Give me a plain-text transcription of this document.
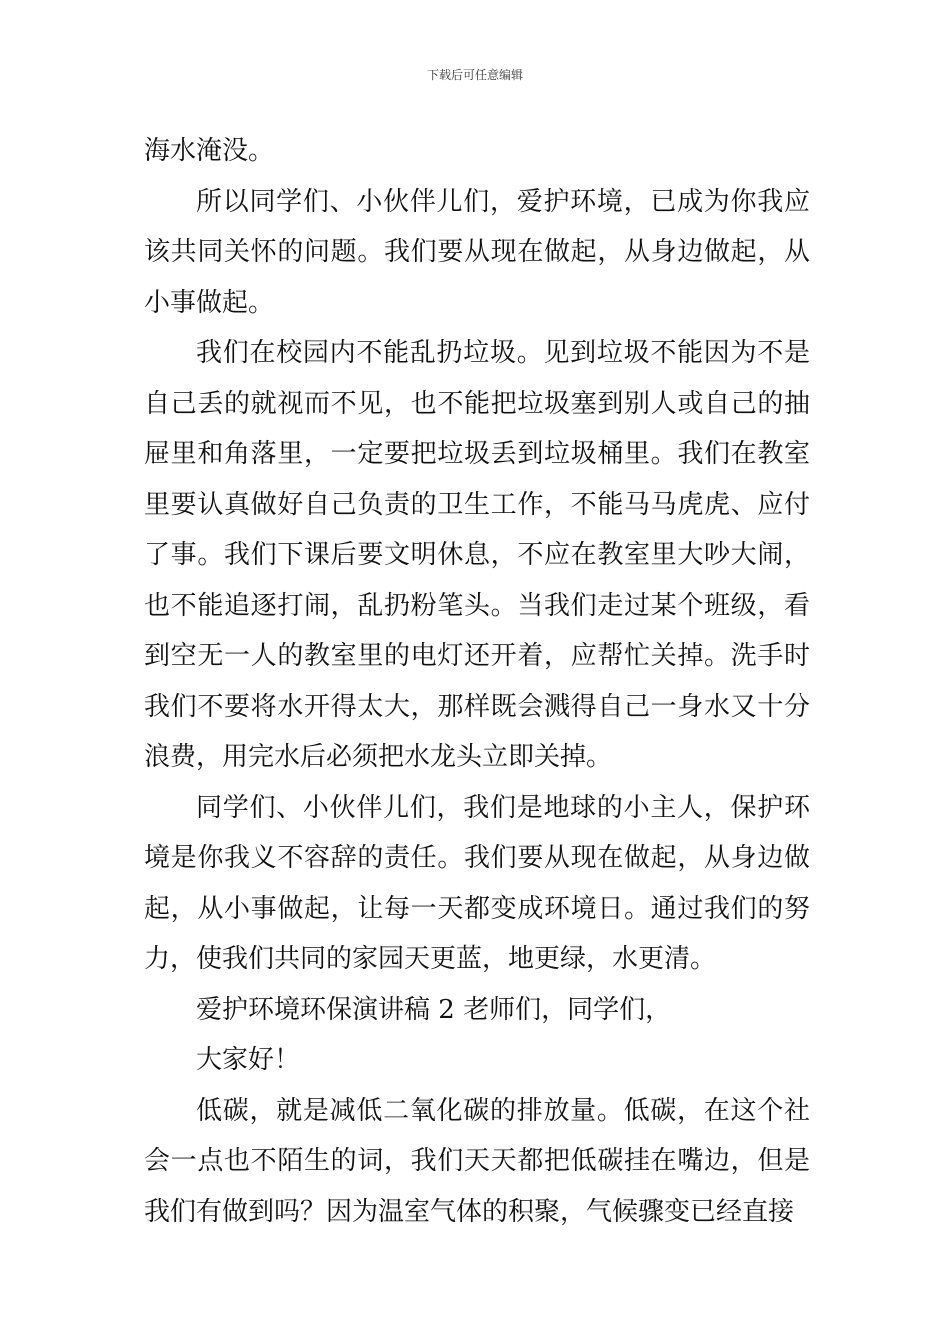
下载后可任意编辑

海水淹没。

所以同学们、小伙伴儿们，爱护环境，已成为你我应该共同关怀的问题。我们要从现在做起，从身边做起，从小事做起。

我们在校园内不能乱扔垃圾。见到垃圾不能因为不是自己丢的就视而不见，也不能把垃圾塞到别人或自己的抽屉里和角落里，一定要把垃圾丢到垃圾桶里。我们在教室里要认真做好自己负责的卫生工作，不能马马虎虎、应付了事。我们下课后要文明休息，不应在教室里大吵大闹，也不能追逐打闹，乱扔粉笔头。当我们走过某个班级，看到空无一人的教室里的电灯还开着，应帮忙关掉。洗手时我们不要将水开得太大，那样既会溅得自己一身水又十分浪费，用完水后必须把水龙头立即关掉。

同学们、小伙伴儿们，我们是地球的小主人，保护环境是你我义不容辞的责任。我们要从现在做起，从身边做起，从小事做起，让每一天都变成环境日。通过我们的努力，使我们共同的家园天更蓝，地更绿，水更清。

爱护环境环保演讲稿 2 老师们，同学们，

大家好！

低碳，就是减低二氧化碳的排放量。低碳，在这个社会一点也不陌生的词，我们天天都把低碳挂在嘴边，但是我们有做到吗？因为温室气体的积聚，气候骤变已经直接
